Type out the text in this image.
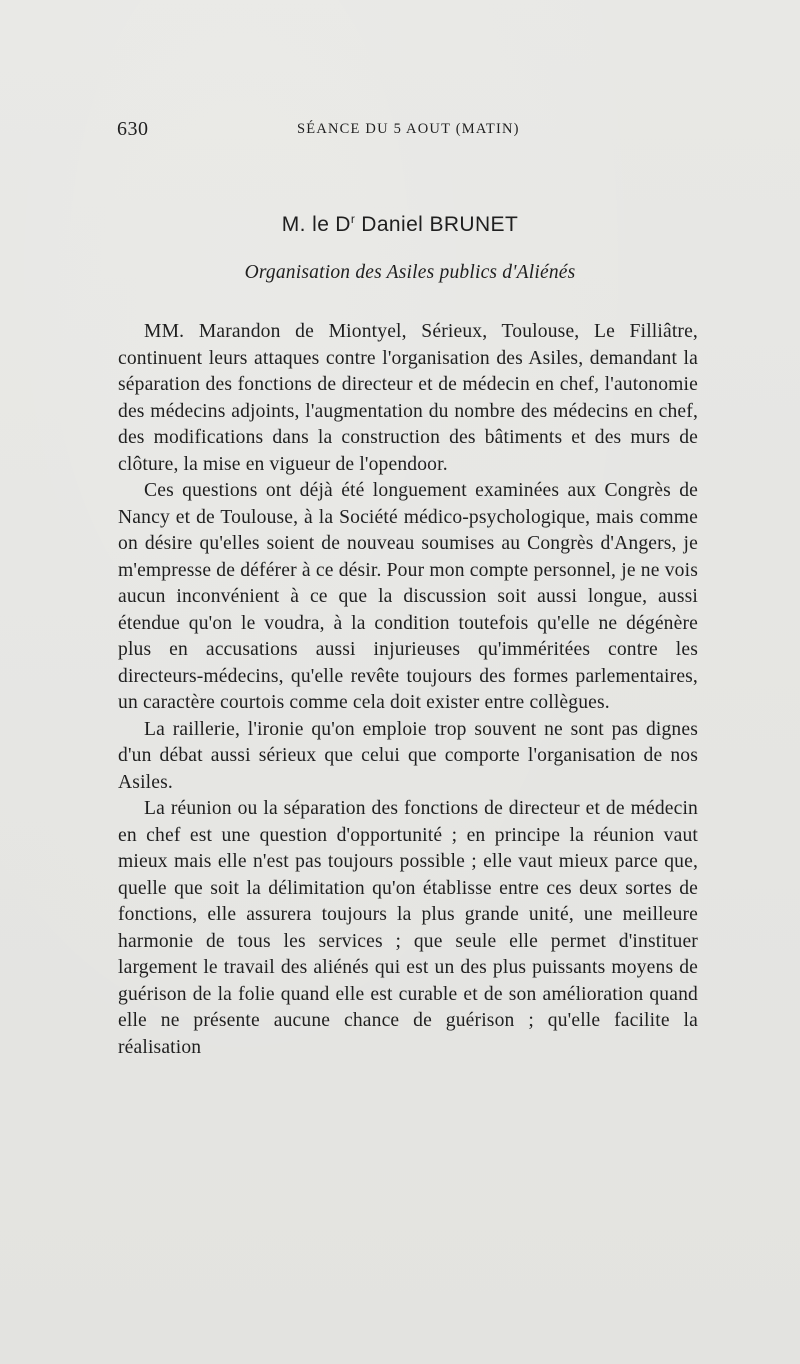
630	SÉANCE DU 5 AOUT (MATIN)
M. le $D^r$ Daniel BRUNET
Organisation des Asiles publics d'Aliénés

MM. Marandon de Miontyel, Sérieux, Toulouse, Le Filliâtre, continuent leurs attaques contre l'organisation des Asiles, demandant la séparation des fonctions de directeur et de médecin en chef, l'autonomie des médecins adjoints, l'augmentation du nombre des médecins en chef, des modifications dans la construction des bâtiments et des murs de clôture, la mise en vigueur de l'opendoor.

Ces questions ont déjà été longuement examinées aux Congrès de Nancy et de Toulouse, à la Société médico-psychologique, mais comme on désire qu'elles soient de nouveau soumises au Congrès d'Angers, je m'empresse de déférer à ce désir. Pour mon compte personnel, je ne vois aucun inconvénient à ce que la discussion soit aussi longue, aussi étendue qu'on le voudra, à la condition toutefois qu'elle ne dégénère plus en accusations aussi injurieuses qu'imméritées contre les directeurs-médecins, qu'elle revête toujours des formes parlementaires, un caractère courtois comme cela doit exister entre collègues.

La raillerie, l'ironie qu'on emploie trop souvent ne sont pas dignes d'un débat aussi sérieux que celui que comporte l'organisation de nos Asiles.

La réunion ou la séparation des fonctions de directeur et de médecin en chef est une question d'opportunité ; en principe la réunion vaut mieux mais elle n'est pas toujours possible ; elle vaut mieux parce que, quelle que soit la délimitation qu'on établisse entre ces deux sortes de fonctions, elle assurera toujours la plus grande unité, une meilleure harmonie de tous les services ; que seule elle permet d'instituer largement le travail des aliénés qui est un des plus puissants moyens de guérison de la folie quand elle est curable et de son amélioration quand elle ne présente aucune chance de guérison ; qu'elle facilite la réalisation
